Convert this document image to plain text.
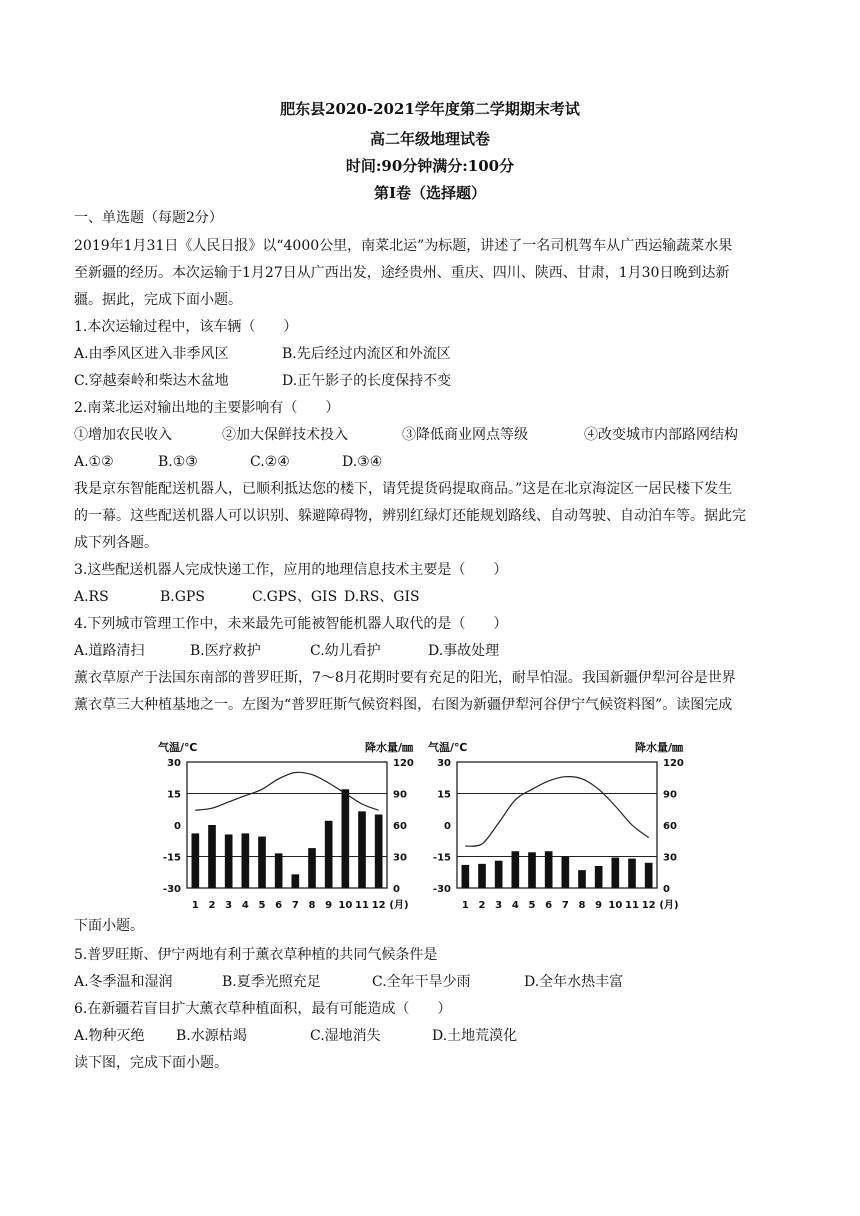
肥东县2020-2021学年度第二学期期末考试
高二年级地理试卷
时间:90分钟满分:100分
第Ⅰ卷（选择题）
一、单选题（每题2分）
2019年1月31日《人民日报》以“4000公里，南菜北运”为标题，讲述了一名司机驾车从广西运输蔬菜水果
至新疆的经历。本次运输于1月27日从广西出发，途经贵州、重庆、四川、陕西、甘肃，1月30日晚到达新
疆。据此，完成下面小题。
1.本次运输过程中，该车辆（　　）
A.由季风区进入非季风区	B.先后经过内流区和外流区
C.穿越秦岭和柴达木盆地	D.正午影子的长度保持不变
2.南菜北运对输出地的主要影响有（　　）
①增加农民收入	②加大保鲜技术投入	③降低商业网点等级	④改变城市内部路网结构
A.①②	B.①③	C.②④	D.③④
我是京东智能配送机器人，已顺利抵达您的楼下，请凭提货码提取商品。”这是在北京海淀区一居民楼下发生
的一幕。这些配送机器人可以识别、躲避障碍物，辨别红绿灯还能规划路线、自动驾驶、自动泊车等。据此完
成下列各题。
3.这些配送机器人完成快递工作，应用的地理信息技术主要是（　　）
A.RS	B.GPS	C.GPS、GIS D.RS、GIS
4.下列城市管理工作中，未来最先可能被智能机器人取代的是（　　）
A.道路清扫	B.医疗救护	C.幼儿看护	D.事故处理
薰衣草原产于法国东南部的普罗旺斯，7～8月花期时要有充足的阳光，耐旱怕湿。我国新疆伊犁河谷是世界
薰衣草三大种植基地之一。左图为“普罗旺斯气候资料图，右图为新疆伊犁河谷伊宁气候资料图”。读图完成
气温/℃	降水量/㎜
30
15
0
-15
-30
120
90
60
30
0
1 2 3 4 5 6 7 8 9 10 11 12 (月)
气温/℃	降水量/㎜
30
15
0
-15
-30
120
90
60
30
0
1 2 3 4 5 6 7 8 9 10 11 12 (月)
下面小题。
5.普罗旺斯、伊宁两地有利于薰衣草种植的共同气候条件是
A.冬季温和湿润	B.夏季光照充足	C.全年干旱少雨	D.全年水热丰富
6.在新疆若盲目扩大薰衣草种植面积，最有可能造成（　　）
A.物种灭绝 B.水源枯竭	C.湿地消失	D.土地荒漠化
读下图，完成下面小题。
